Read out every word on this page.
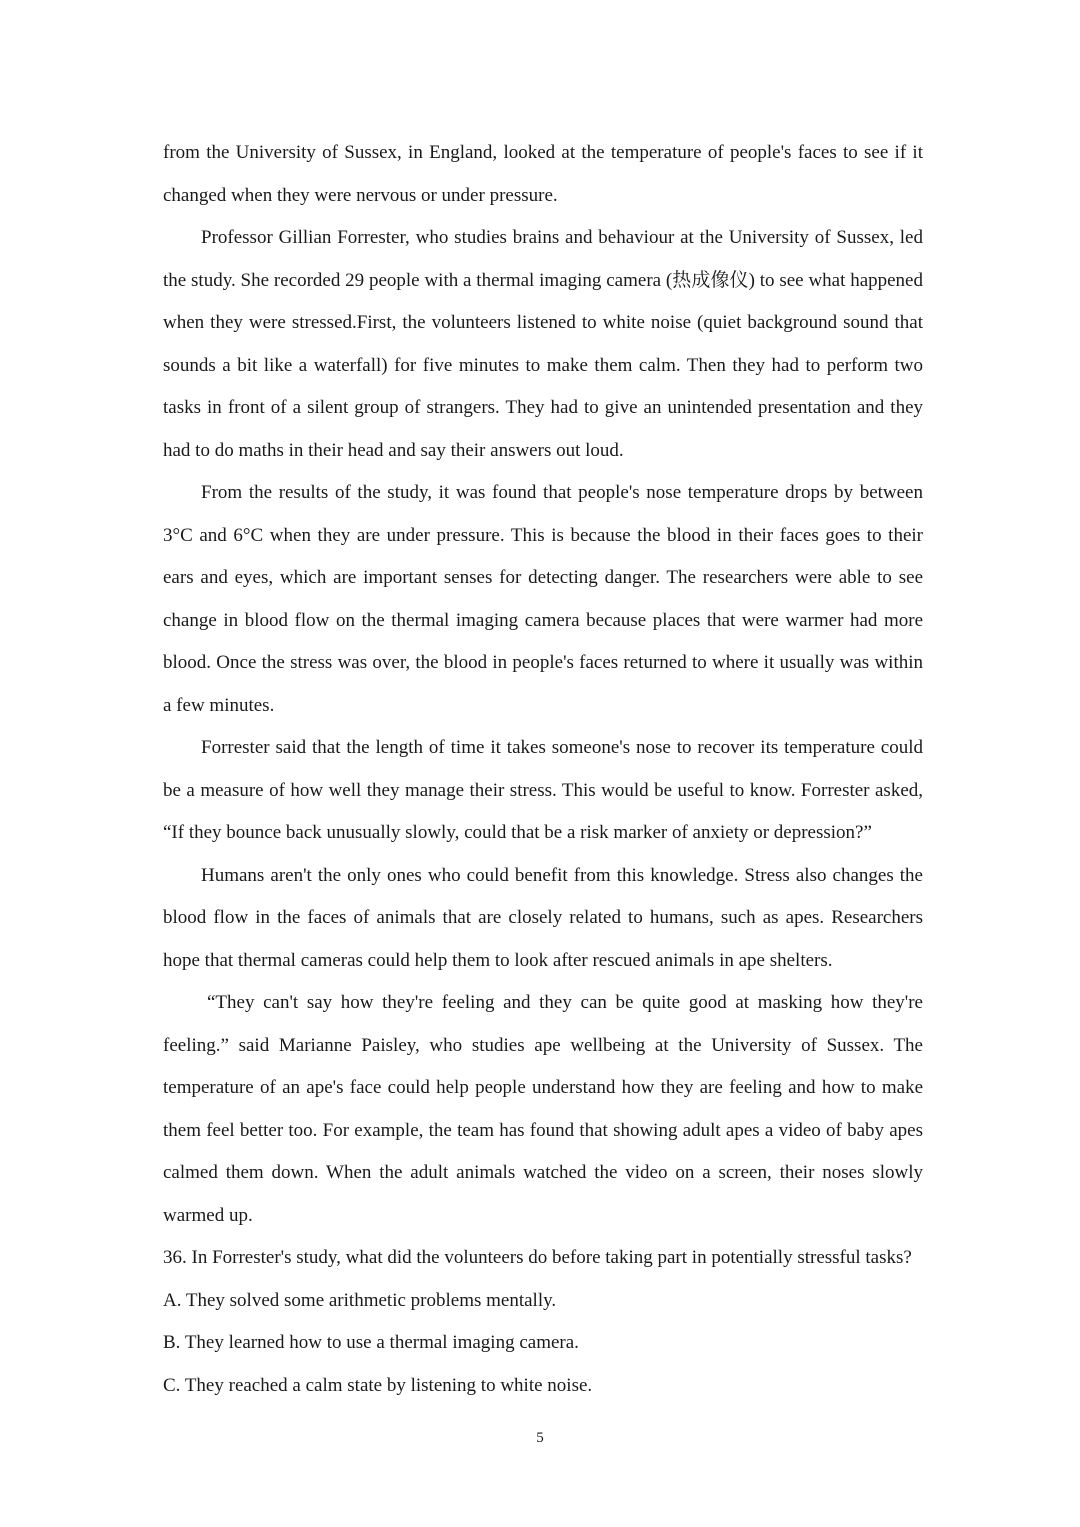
from the University of Sussex, in England, looked at the temperature of people's faces to see if it changed when they were nervous or under pressure.

Professor Gillian Forrester, who studies brains and behaviour at the University of Sussex, led the study. She recorded 29 people with a thermal imaging camera (热成像仪) to see what happened when they were stressed.First, the volunteers listened to white noise (quiet background sound that sounds a bit like a waterfall) for five minutes to make them calm. Then they had to perform two tasks in front of a silent group of strangers. They had to give an unintended presentation and they had to do maths in their head and say their answers out loud.

From the results of the study, it was found that people's nose temperature drops by between 3°C and 6°C when they are under pressure. This is because the blood in their faces goes to their ears and eyes, which are important senses for detecting danger. The researchers were able to see change in blood flow on the thermal imaging camera because places that were warmer had more blood. Once the stress was over, the blood in people's faces returned to where it usually was within a few minutes.

Forrester said that the length of time it takes someone's nose to recover its temperature could be a measure of how well they manage their stress. This would be useful to know. Forrester asked, “If they bounce back unusually slowly, could that be a risk marker of anxiety or depression?”

Humans aren't the only ones who could benefit from this knowledge. Stress also changes the blood flow in the faces of animals that are closely related to humans, such as apes. Researchers hope that thermal cameras could help them to look after rescued animals in ape shelters.

“They can't say how they're feeling and they can be quite good at masking how they're feeling.” said Marianne Paisley, who studies ape wellbeing at the University of Sussex. The temperature of an ape's face could help people understand how they are feeling and how to make them feel better too. For example, the team has found that showing adult apes a video of baby apes calmed them down. When the adult animals watched the video on a screen, their noses slowly warmed up.

36. In Forrester's study, what did the volunteers do before taking part in potentially stressful tasks?

A. They solved some arithmetic problems mentally.

B. They learned how to use a thermal imaging camera.

C. They reached a calm state by listening to white noise.

5
